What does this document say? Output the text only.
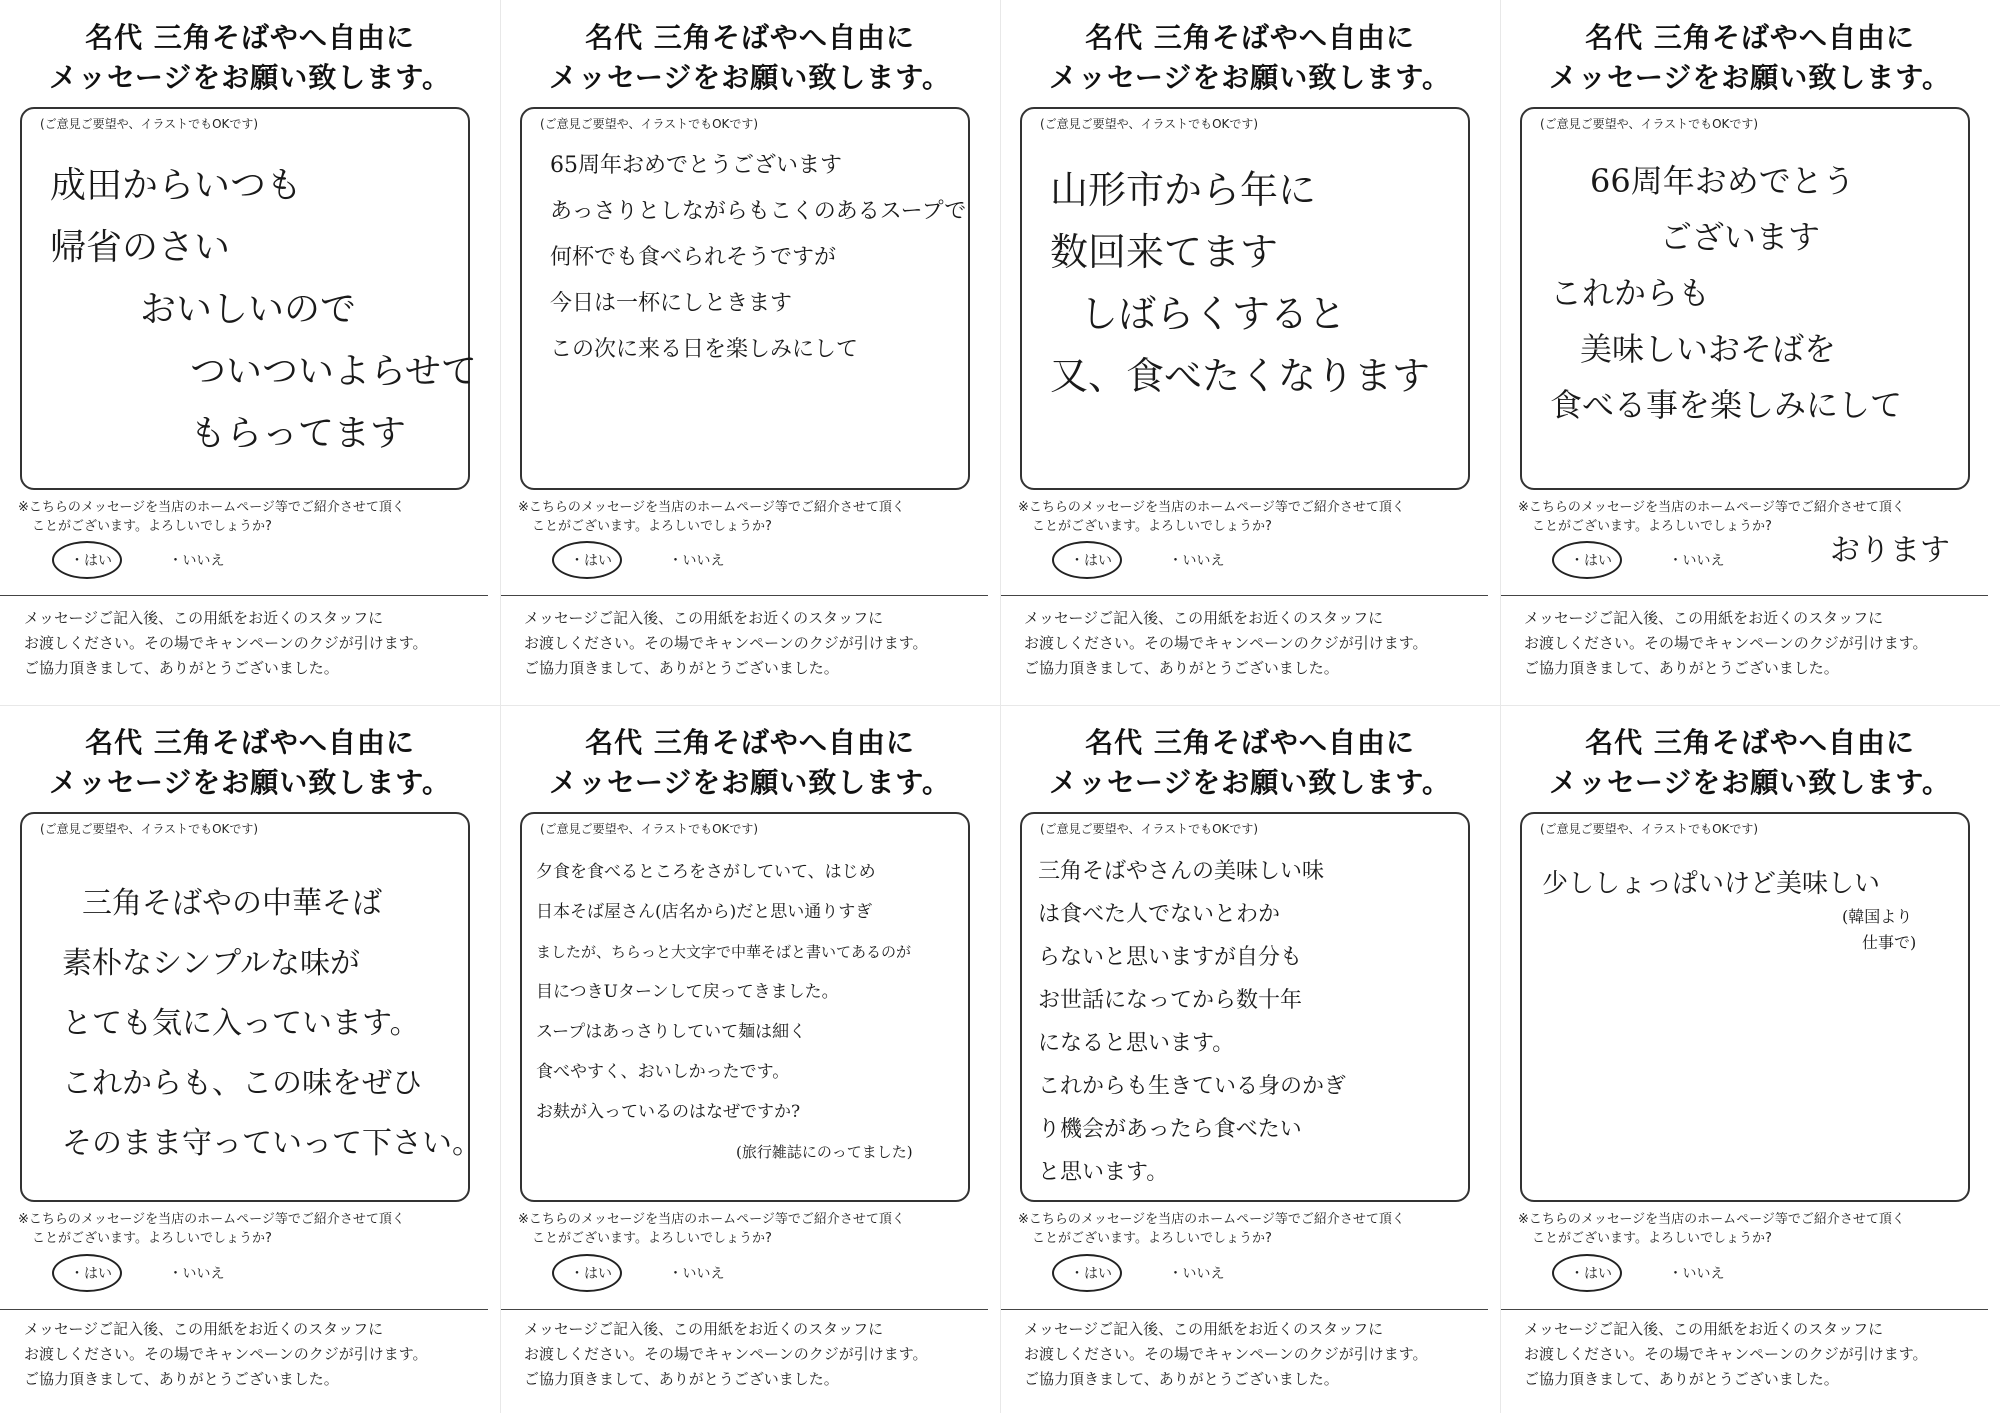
名代 三角そばやへ自由に
メッセージをお願い致します。
(ご意見ご要望や、イラストでもOKです)
成田からいつも
帰省のさい
おいしいので
ついついよらせて
もらってます
※こちらのメッセージを当店のホームページ等でご紹介させて頂く
ことがございます。よろしいでしょうか?
・はい	・いいえ
メッセージご記入後、この用紙をお近くのスタッフに
お渡しください。その場でキャンペーンのクジが引けます。
ご協力頂きまして、ありがとうございました。
名代 三角そばやへ自由に
メッセージをお願い致します。
(ご意見ご要望や、イラストでもOKです)
65周年おめでとうございます
あっさりとしながらもこくのあるスープで
何杯でも食べられそうですが
今日は一杯にしときます
この次に来る日を楽しみにして
※こちらのメッセージを当店のホームページ等でご紹介させて頂く
ことがございます。よろしいでしょうか?
・はい	・いいえ
メッセージご記入後、この用紙をお近くのスタッフに
お渡しください。その場でキャンペーンのクジが引けます。
ご協力頂きまして、ありがとうございました。
名代 三角そばやへ自由に
メッセージをお願い致します。
(ご意見ご要望や、イラストでもOKです)
山形市から年に
数回来てます
しばらくすると
又、食べたくなります
※こちらのメッセージを当店のホームページ等でご紹介させて頂く
ことがございます。よろしいでしょうか?
・はい	・いいえ
メッセージご記入後、この用紙をお近くのスタッフに
お渡しください。その場でキャンペーンのクジが引けます。
ご協力頂きまして、ありがとうございました。
名代 三角そばやへ自由に
メッセージをお願い致します。
(ご意見ご要望や、イラストでもOKです)
66周年おめでとう
ございます
これからも
美味しいおそばを
食べる事を楽しみにして
おります
※こちらのメッセージを当店のホームページ等でご紹介させて頂く
ことがございます。よろしいでしょうか?
・はい	・いいえ
メッセージご記入後、この用紙をお近くのスタッフに
お渡しください。その場でキャンペーンのクジが引けます。
ご協力頂きまして、ありがとうございました。
名代 三角そばやへ自由に
メッセージをお願い致します。
(ご意見ご要望や、イラストでもOKです)
三角そばやの中華そば
素朴なシンプルな味が
とても気に入っています。
これからも、この味をぜひ
そのまま守っていって下さい。
※こちらのメッセージを当店のホームページ等でご紹介させて頂く
ことがございます。よろしいでしょうか?
・はい	・いいえ
メッセージご記入後、この用紙をお近くのスタッフに
お渡しください。その場でキャンペーンのクジが引けます。
ご協力頂きまして、ありがとうございました。
名代 三角そばやへ自由に
メッセージをお願い致します。
(ご意見ご要望や、イラストでもOKです)
夕食を食べるところをさがしていて、はじめ
日本そば屋さん(店名から)だと思い通りすぎ
ましたが、ちらっと大文字で中華そばと書いてあるのが
目につきUターンして戻ってきました。
スープはあっさりしていて麺は細く
食べやすく、おいしかったです。
お麸が入っているのはなぜですか?
(旅行雑誌にのってました)
※こちらのメッセージを当店のホームページ等でご紹介させて頂く
ことがございます。よろしいでしょうか?
・はい	・いいえ
メッセージご記入後、この用紙をお近くのスタッフに
お渡しください。その場でキャンペーンのクジが引けます。
ご協力頂きまして、ありがとうございました。
名代 三角そばやへ自由に
メッセージをお願い致します。
(ご意見ご要望や、イラストでもOKです)
三角そばやさんの美味しい味
は食べた人でないとわか
らないと思いますが自分も
お世話になってから数十年
になると思います。
これからも生きている身のかぎ
り機会があったら食べたい
と思います。
※こちらのメッセージを当店のホームページ等でご紹介させて頂く
ことがございます。よろしいでしょうか?
・はい	・いいえ
メッセージご記入後、この用紙をお近くのスタッフに
お渡しください。その場でキャンペーンのクジが引けます。
ご協力頂きまして、ありがとうございました。
名代 三角そばやへ自由に
メッセージをお願い致します。
(ご意見ご要望や、イラストでもOKです)
少ししょっぱいけど美味しい
(韓国より
仕事で)
※こちらのメッセージを当店のホームページ等でご紹介させて頂く
ことがございます。よろしいでしょうか?
・はい	・いいえ
メッセージご記入後、この用紙をお近くのスタッフに
お渡しください。その場でキャンペーンのクジが引けます。
ご協力頂きまして、ありがとうございました。
